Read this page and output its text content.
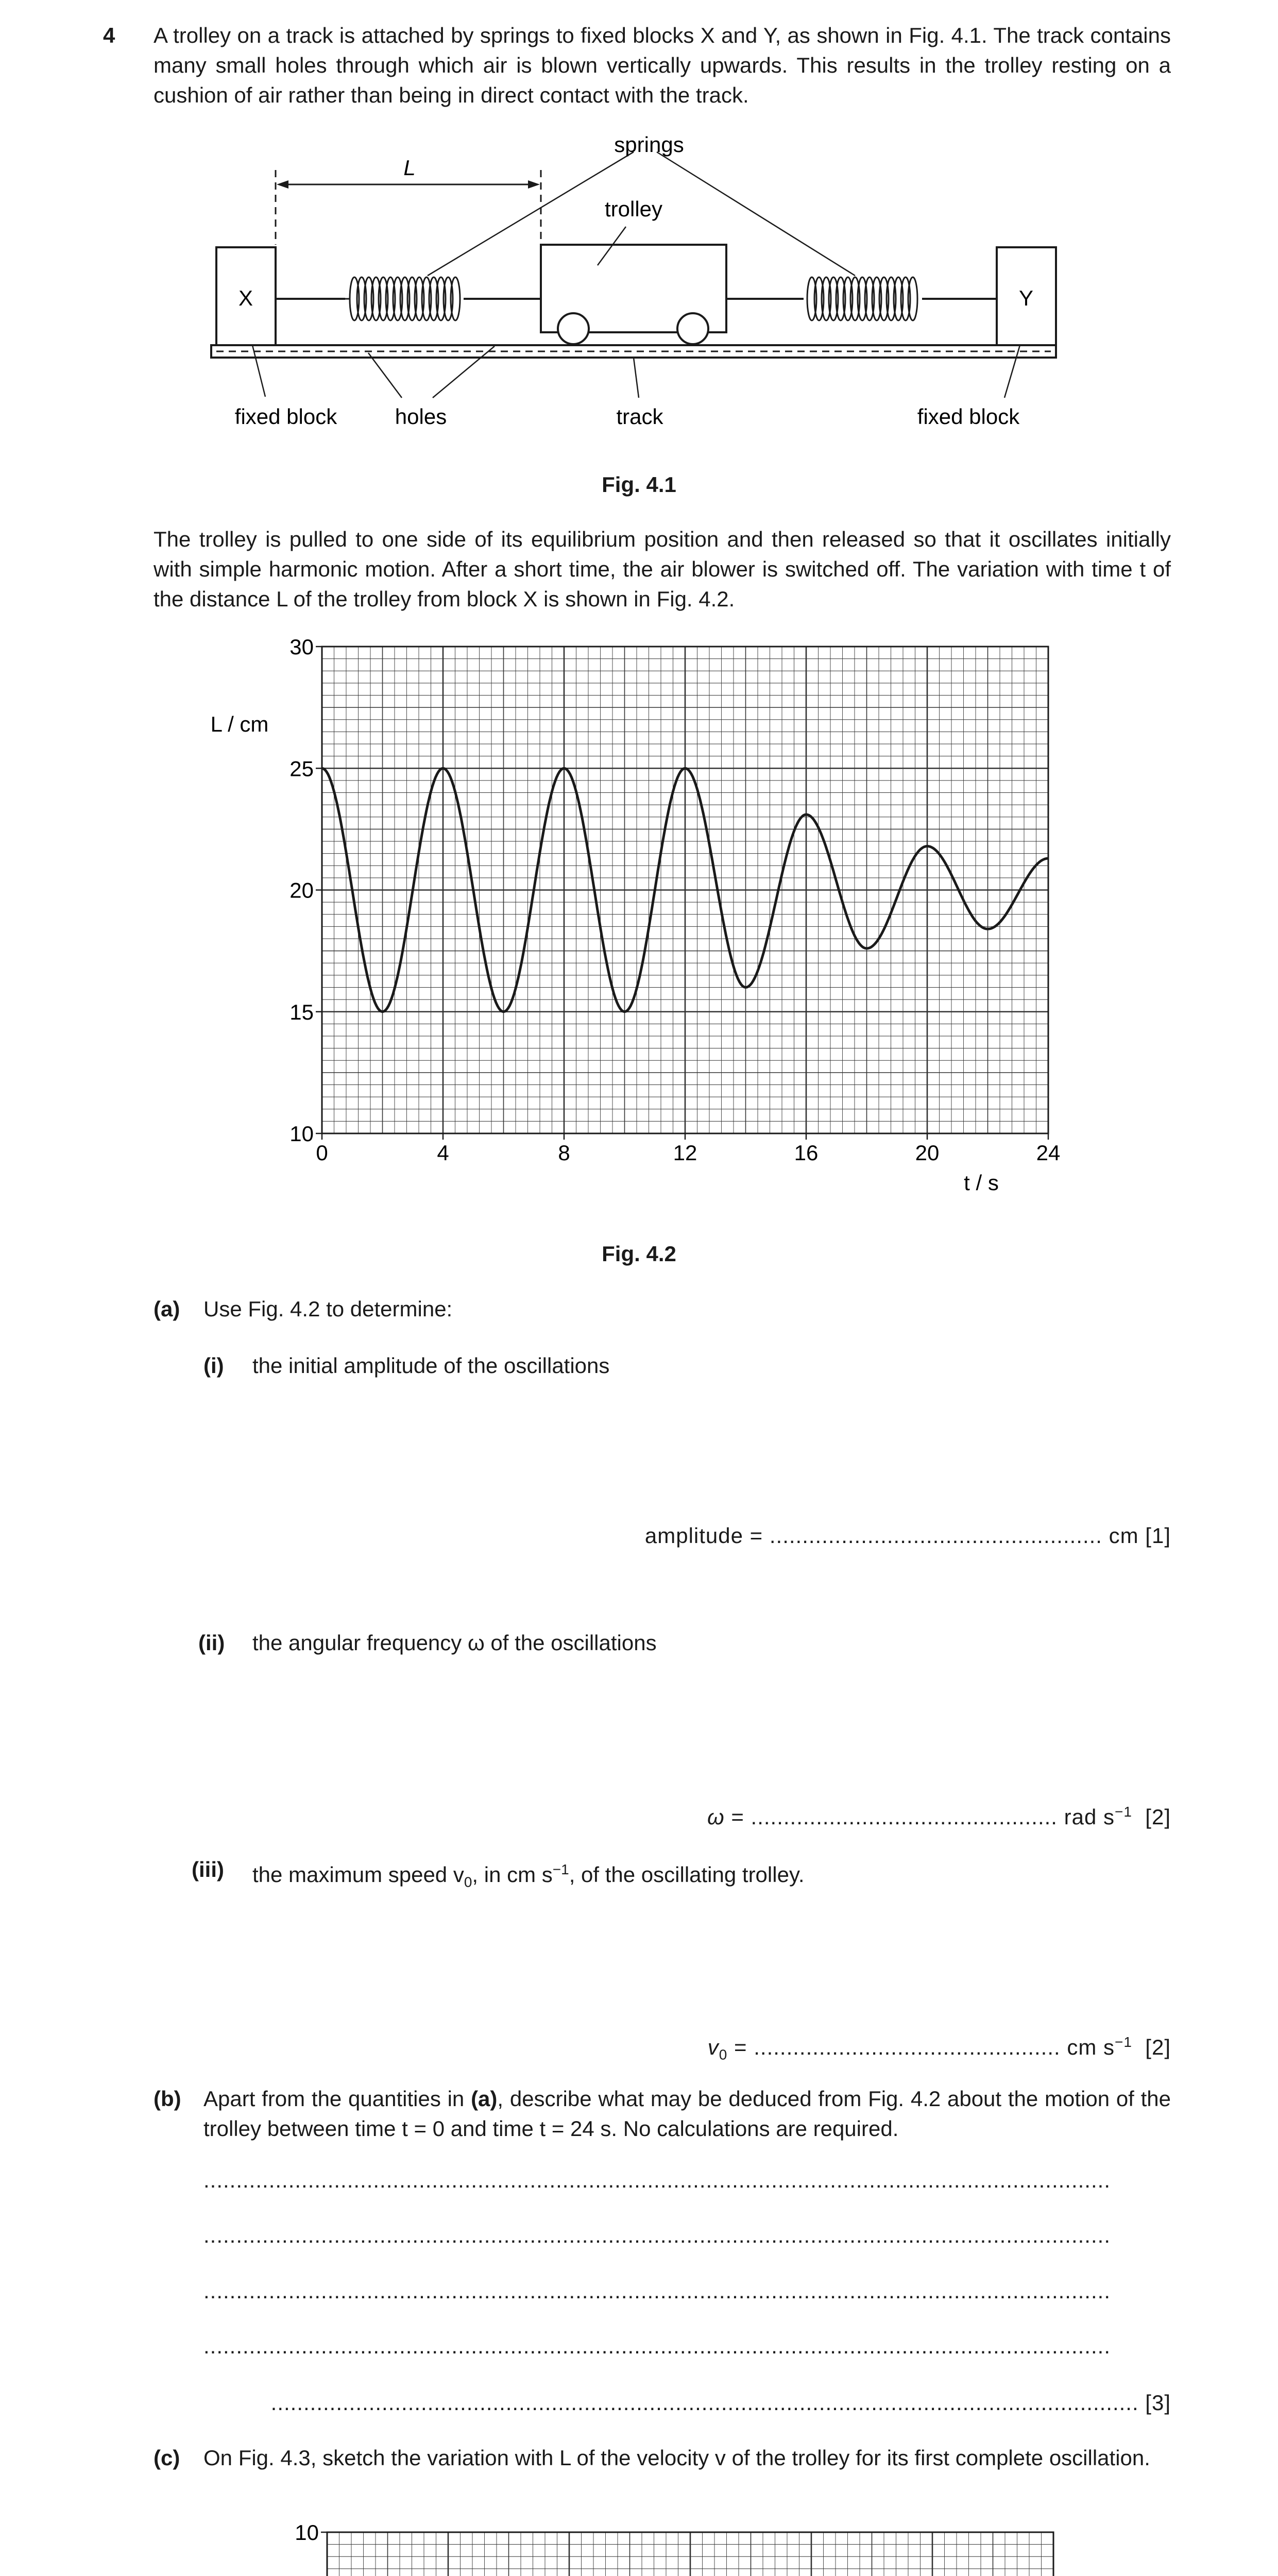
4 A trolley on a track is attached by springs to fixed blocks X and Y, as shown in Fig. 4.1. The track contains many small holes through which air is blown vertically upwards. This results in the trolley resting on a cushion of air rather than being in direct contact with the track.
L
springs
trolley
X	Y
fixed block	holes	track	fixed block
Fig. 4.1
The trolley is pulled to one side of its equilibrium position and then released so that it oscillates initially with simple harmonic motion. After a short time, the air blower is switched off. The variation with time t of the distance L of the trolley from block X is shown in Fig. 4.2.
0	4	8	12	16	20	24
10
15
20
25
30
L / cm
t / s
Fig. 4.2
(a) Use Fig. 4.2 to determine:
(i) the initial amplitude of the oscillations
amplitude = ................................................... cm [1]
(ii) the angular frequency ω of the oscillations
ω = ............................................... rad $s^{-1}$ [2]
(iii) the maximum speed $v_0$, in cm $s^{-1}$, of the oscillating trolley.
$v_0$ = ............................................... cm $s^{-1}$ [2]
(b) Apart from the quantities in (a), describe what may be deduced from Fig. 4.2 about the motion of the trolley between time t = 0 and time t = 24 s. No calculations are required.
...........................................................................................................................................
...........................................................................................................................................
...........................................................................................................................................
...........................................................................................................................................
..................................................................................................................................... [3]
(c) On Fig. 4.3, sketch the variation with L of the velocity v of the trolley for its first complete oscillation.
10
